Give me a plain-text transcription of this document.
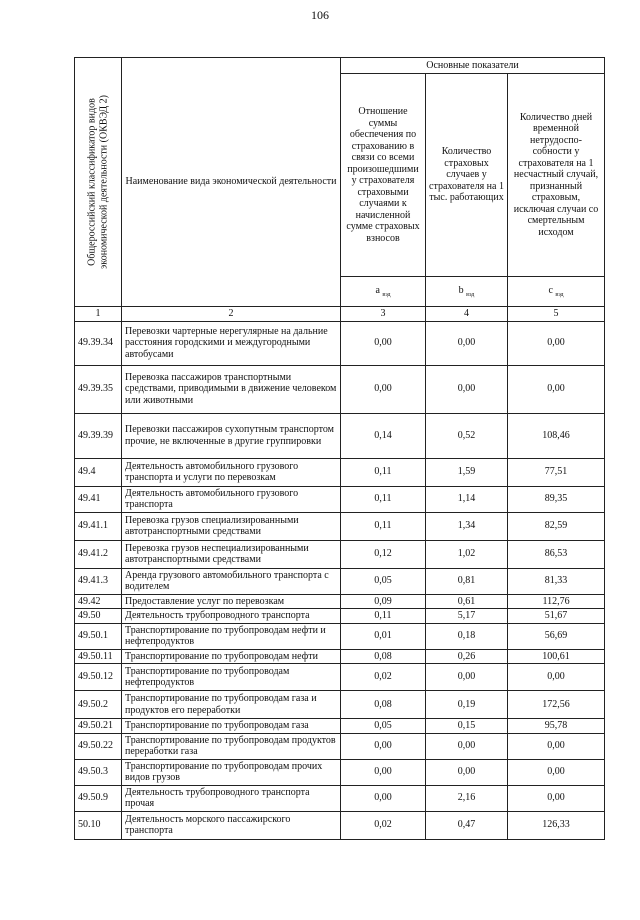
106
Общероссийский классификатор видов экономической деятельности (ОКВЭД 2)	Наименование вида экономической деятельности	Основные показатели		
		Отношение суммы обеспечения по страхованию в связи со всеми произошедшими у страхователя страховыми случаями к начисленной сумме страховых взносов	Количество страховых случаев у страхователя на 1 тыс. работающих	Количество дней временной нетрудоспо-собности у страхователя на 1 несчастный случай, признанный страховым, исключая случаи со смертельным исходом
		a $_{вэд}$	b $_{вэд}$	c $_{вэд}$
1	2	3	4	5
49.39.34	Перевозки чартерные нерегулярные на дальние расстояния городскими и междугородными автобусами	0,00	0,00	0,00
49.39.35	Перевозка пассажиров транспортными средствами, приводимыми в движение человеком или животными	0,00	0,00	0,00
49.39.39	Перевозки пассажиров сухопутным транспортом прочие, не включенные в другие группировки	0,14	0,52	108,46
49.4	Деятельность автомобильного грузового транспорта и услуги по перевозкам	0,11	1,59	77,51
49.41	Деятельность автомобильного грузового транспорта	0,11	1,14	89,35
49.41.1	Перевозка грузов специализированными автотранспортными средствами	0,11	1,34	82,59
49.41.2	Перевозка грузов неспециализированными автотранспортными средствами	0,12	1,02	86,53
49.41.3	Аренда грузового автомобильного транспорта с водителем	0,05	0,81	81,33
49.42	Предоставление услуг по перевозкам	0,09	0,61	112,76
49.50	Деятельность трубопроводного транспорта	0,11	5,17	51,67
49.50.1	Транспортирование по трубопроводам нефти и нефтепродуктов	0,01	0,18	56,69
49.50.11	Транспортирование по трубопроводам нефти	0,08	0,26	100,61
49.50.12	Транспортирование по трубопроводам нефтепродуктов	0,02	0,00	0,00
49.50.2	Транспортирование по трубопроводам газа и продуктов его переработки	0,08	0,19	172,56
49.50.21	Транспортирование по трубопроводам газа	0,05	0,15	95,78
49.50.22	Транспортирование по трубопроводам продуктов переработки газа	0,00	0,00	0,00
49.50.3	Транспортирование по трубопроводам прочих видов грузов	0,00	0,00	0,00
49.50.9	Деятельность трубопроводного транспорта прочая	0,00	2,16	0,00
50.10	Деятельность морского пассажирского транспорта	0,02	0,47	126,33
